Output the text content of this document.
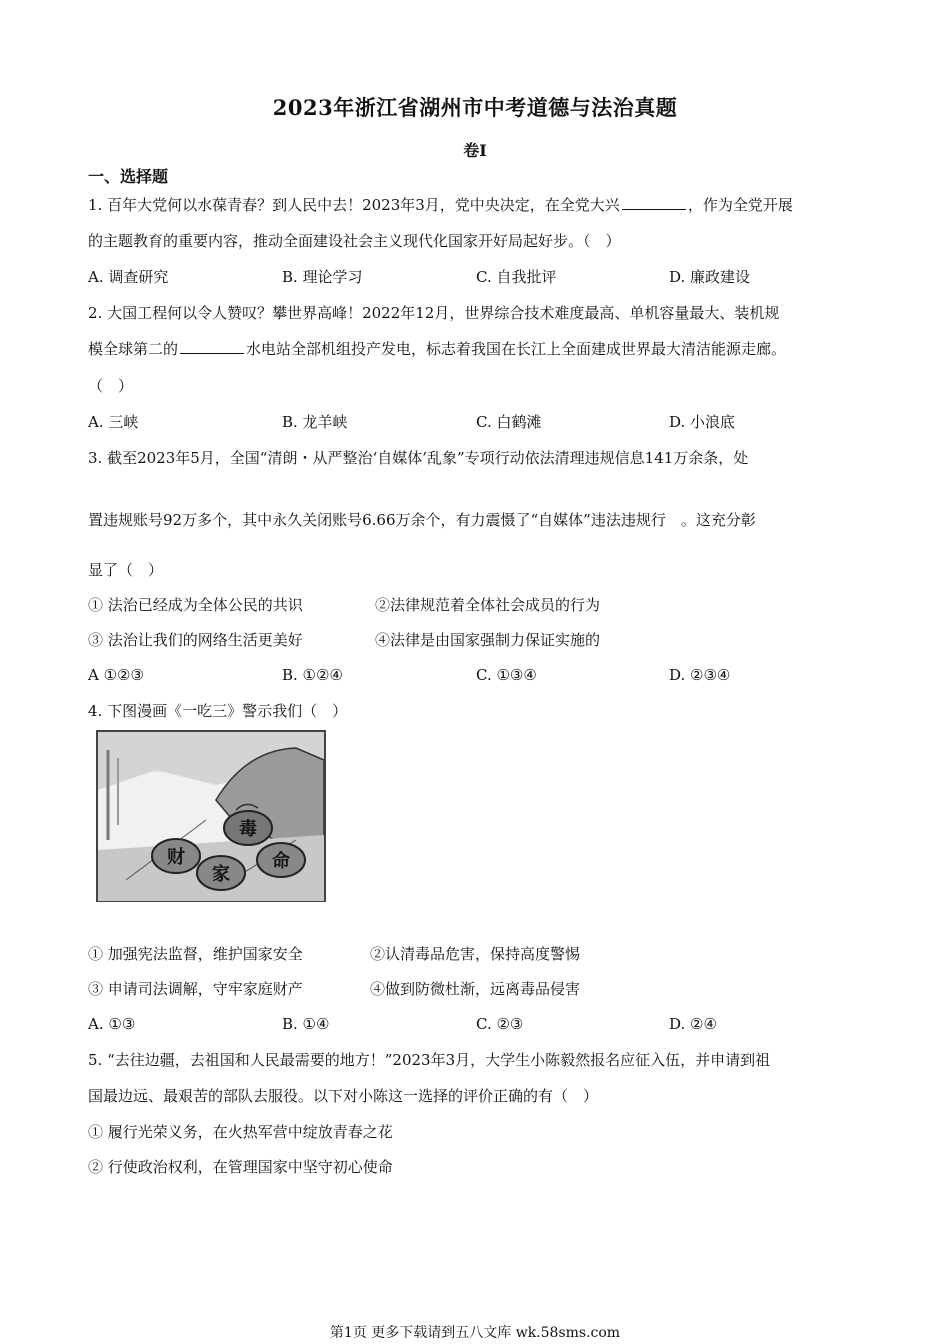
2023年浙江省湖州市中考道德与法治真题
卷I
一、选择题
1. 百年大党何以水葆青春？到人民中去！2023年3月，党中央决定，在全党大兴	，作为全党开展
的主题教育的重要内容，推动全面建设社会主义现代化国家开好局起好步。（　）
A. 调查研究	B. 理论学习	C. 自我批评	D. 廉政建设
2. 大国工程何以令人赞叹？攀世界高峰！2022年12月，世界综合技术难度最高、单机容量最大、装机规
模全球第二的	水电站全部机组投产发电，标志着我国在长江上全面建成世界最大清洁能源走廊。
（　）
A. 三峡	B. 龙羊峡	C. 白鹤滩	D. 小浪底
3. 截至2023年5月，全国“清朗・从严整治‘自媒体’乱象”专项行动依法清理违规信息141万余条，处
置违规账号92万多个，其中永久关闭账号6.66万余个，有力震慑了“自媒体”违法违规行　。这充分彰
显了（　）
① 法治已经成为全体公民的共识	②法律规范着全体社会成员的行为
③ 法治让我们的网络生活更美好	④法律是由国家强制力保证实施的
A ①②③	B. ①②④	C. ①③④	D. ②③④
4. 下图漫画《一吃三》警示我们（　）
毒
财
家
命
① 加强宪法监督，维护国家安全	②认清毒品危害，保持高度警惕
③ 申请司法调解，守牢家庭财产	④做到防微杜渐，远离毒品侵害
A. ①③	B. ①④	C. ②③	D. ②④
5. “去往边疆，去祖国和人民最需要的地方！”2023年3月，大学生小陈毅然报名应征入伍，并申请到祖
国最边远、最艰苦的部队去服役。以下对小陈这一选择的评价正确的有（　）
① 履行光荣义务，在火热军营中绽放青春之花
② 行使政治权利，在管理国家中坚守初心使命
第1页 更多下载请到五八文库 wk.58sms.com
